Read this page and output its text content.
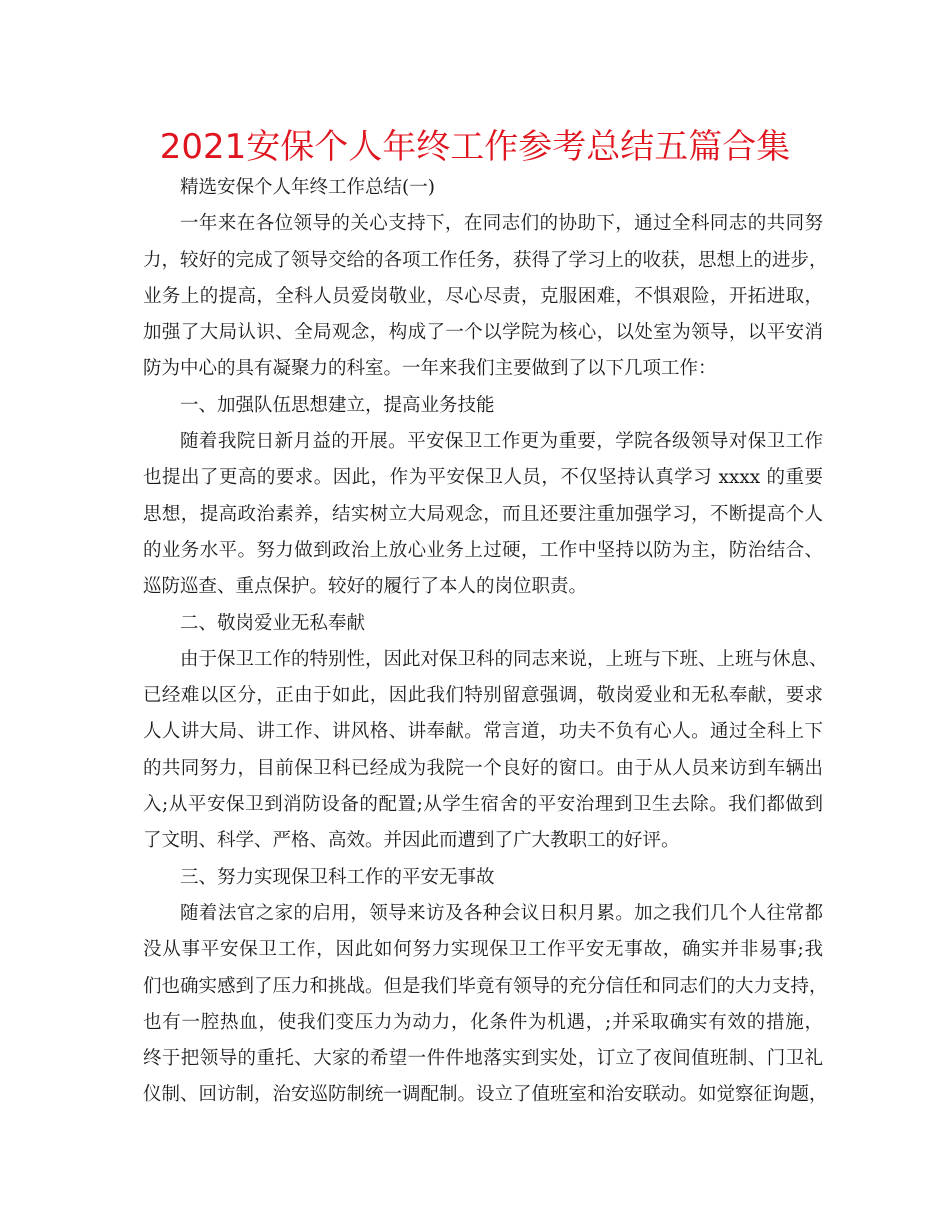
2021安保个人年终工作参考总结五篇合集
精选安保个人年终工作总结(一)
一年来在各位领导的关心支持下，在同志们的协助下，通过全科同志的共同努
力，较好的完成了领导交给的各项工作任务，获得了学习上的收获，思想上的进步，
业务上的提高，全科人员爱岗敬业，尽心尽责，克服困难，不惧艰险，开拓进取，
加强了大局认识、全局观念，构成了一个以学院为核心，以处室为领导，以平安消
防为中心的具有凝聚力的科室。一年来我们主要做到了以下几项工作：
一、加强队伍思想建立，提高业务技能
随着我院日新月益的开展。平安保卫工作更为重要，学院各级领导对保卫工作
也提出了更高的要求。因此，作为平安保卫人员，不仅坚持认真学习 xxxx 的重要
思想，提高政治素养，结实树立大局观念，而且还要注重加强学习，不断提高个人
的业务水平。努力做到政治上放心业务上过硬，工作中坚持以防为主，防治结合、
巡防巡查、重点保护。较好的履行了本人的岗位职责。
二、敬岗爱业无私奉献
由于保卫工作的特别性，因此对保卫科的同志来说，上班与下班、上班与休息、
已经难以区分，正由于如此，因此我们特别留意强调，敬岗爱业和无私奉献，要求
人人讲大局、讲工作、讲风格、讲奉献。常言道，功夫不负有心人。通过全科上下
的共同努力，目前保卫科已经成为我院一个良好的窗口。由于从人员来访到车辆出
入;从平安保卫到消防设备的配置;从学生宿舍的平安治理到卫生去除。我们都做到
了文明、科学、严格、高效。并因此而遭到了广大教职工的好评。
三、努力实现保卫科工作的平安无事故
随着法官之家的启用，领导来访及各种会议日积月累。加之我们几个人往常都
没从事平安保卫工作，因此如何努力实现保卫工作平安无事故，确实并非易事;我
们也确实感到了压力和挑战。但是我们毕竟有领导的充分信任和同志们的大力支持，
也有一腔热血，使我们变压力为动力，化条件为机遇，;并采取确实有效的措施，
终于把领导的重托、大家的希望一件件地落实到实处，订立了夜间值班制、门卫礼
仪制、回访制，治安巡防制统一调配制。设立了值班室和治安联动。如觉察征询题，
